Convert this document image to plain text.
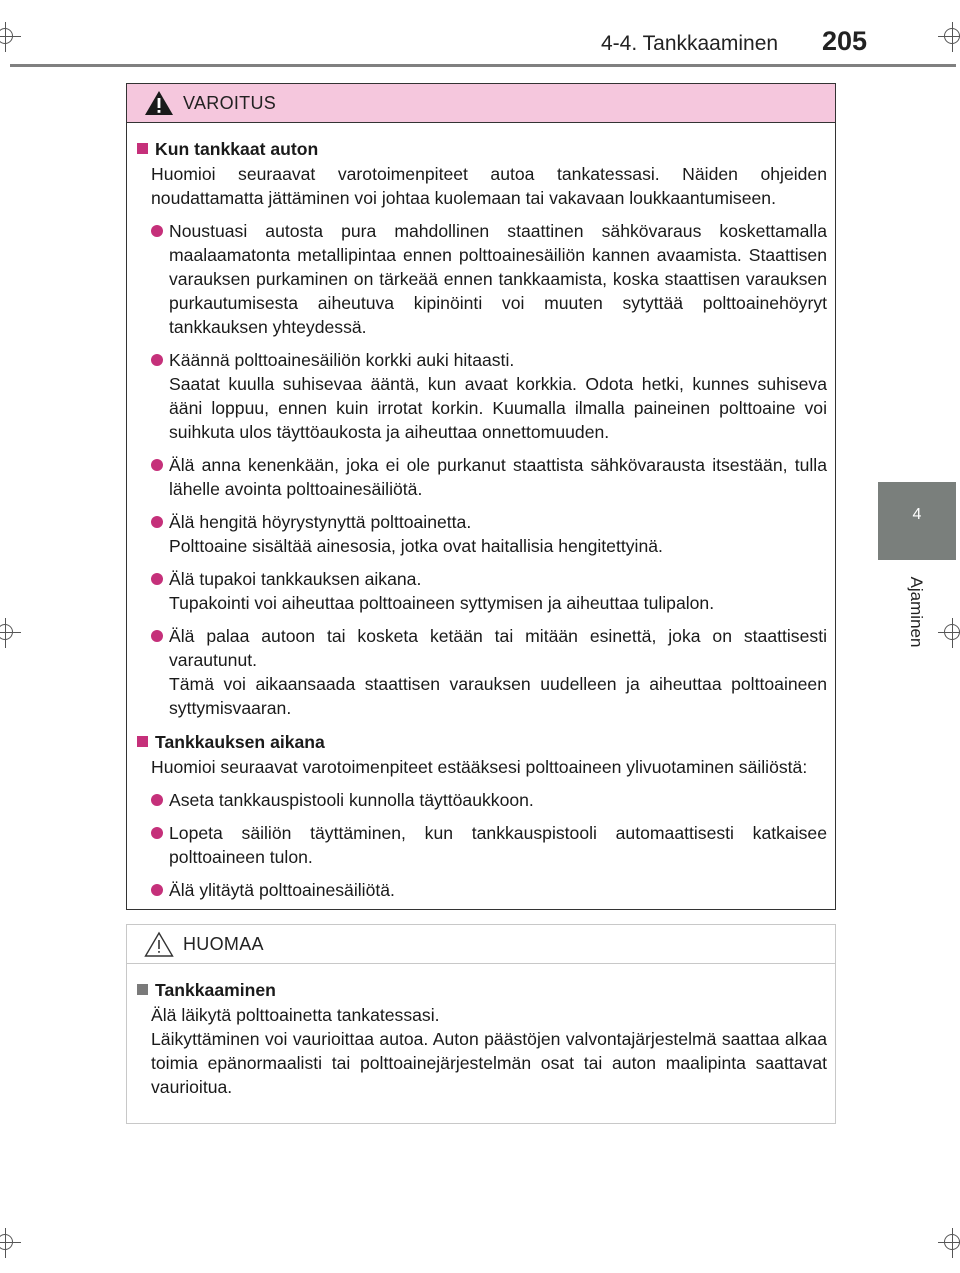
4-4. Tankkaaminen 205
4
Ajaminen
VAROITUS
Kun tankkaat auton

Huomioi seuraavat varotoimenpiteet autoa tankatessasi. Näiden ohjeiden noudattamatta jättäminen voi johtaa kuolemaan tai vakavaan loukkaantumiseen.

Noustuasi autosta pura mahdollinen staattinen sähkövaraus koskettamalla maalaamatonta metallipintaa ennen polttoainesäiliön kannen avaamista. Staattisen varauksen purkaminen on tärkeää ennen tankkaamista, koska staattisen varauksen purkautumisesta aiheutuva kipinöinti voi muuten sytyttää polttoainehöyryt tankkauksen yhteydessä.
Käännä polttoainesäiliön korkki auki hitaasti.
Saatat kuulla suhisevaa ääntä, kun avaat korkkia. Odota hetki, kunnes suhiseva ääni loppuu, ennen kuin irrotat korkin. Kuumalla ilmalla paineinen polttoaine voi suihkuta ulos täyttöaukosta ja aiheuttaa onnettomuuden.
Älä anna kenenkään, joka ei ole purkanut staattista sähkövarausta itsestään, tulla lähelle avointa polttoainesäiliötä.
Älä hengitä höyrystynyttä polttoainetta.
Polttoaine sisältää ainesosia, jotka ovat haitallisia hengitettyinä.
Älä tupakoi tankkauksen aikana.
Tupakointi voi aiheuttaa polttoaineen syttymisen ja aiheuttaa tulipalon.
Älä palaa autoon tai kosketa ketään tai mitään esinettä, joka on staattisesti varautunut.
Tämä voi aikaansaada staattisen varauksen uudelleen ja aiheuttaa polttoaineen syttymisvaaran.
Tankkauksen aikana

Huomioi seuraavat varotoimenpiteet estääksesi polttoaineen ylivuotaminen säiliöstä:

Aseta tankkauspistooli kunnolla täyttöaukkoon.
Lopeta säiliön täyttäminen, kun tankkauspistooli automaattisesti katkaisee polttoaineen tulon.
Älä ylitäytä polttoainesäiliötä.
HUOMAA
Tankkaaminen

Älä läikytä polttoainetta tankatessasi.
Läikyttäminen voi vaurioittaa autoa. Auton päästöjen valvontajärjestelmä saattaa alkaa toimia epänormaalisti tai polttoainejärjestelmän osat tai auton maalipinta saattavat vaurioitua.
